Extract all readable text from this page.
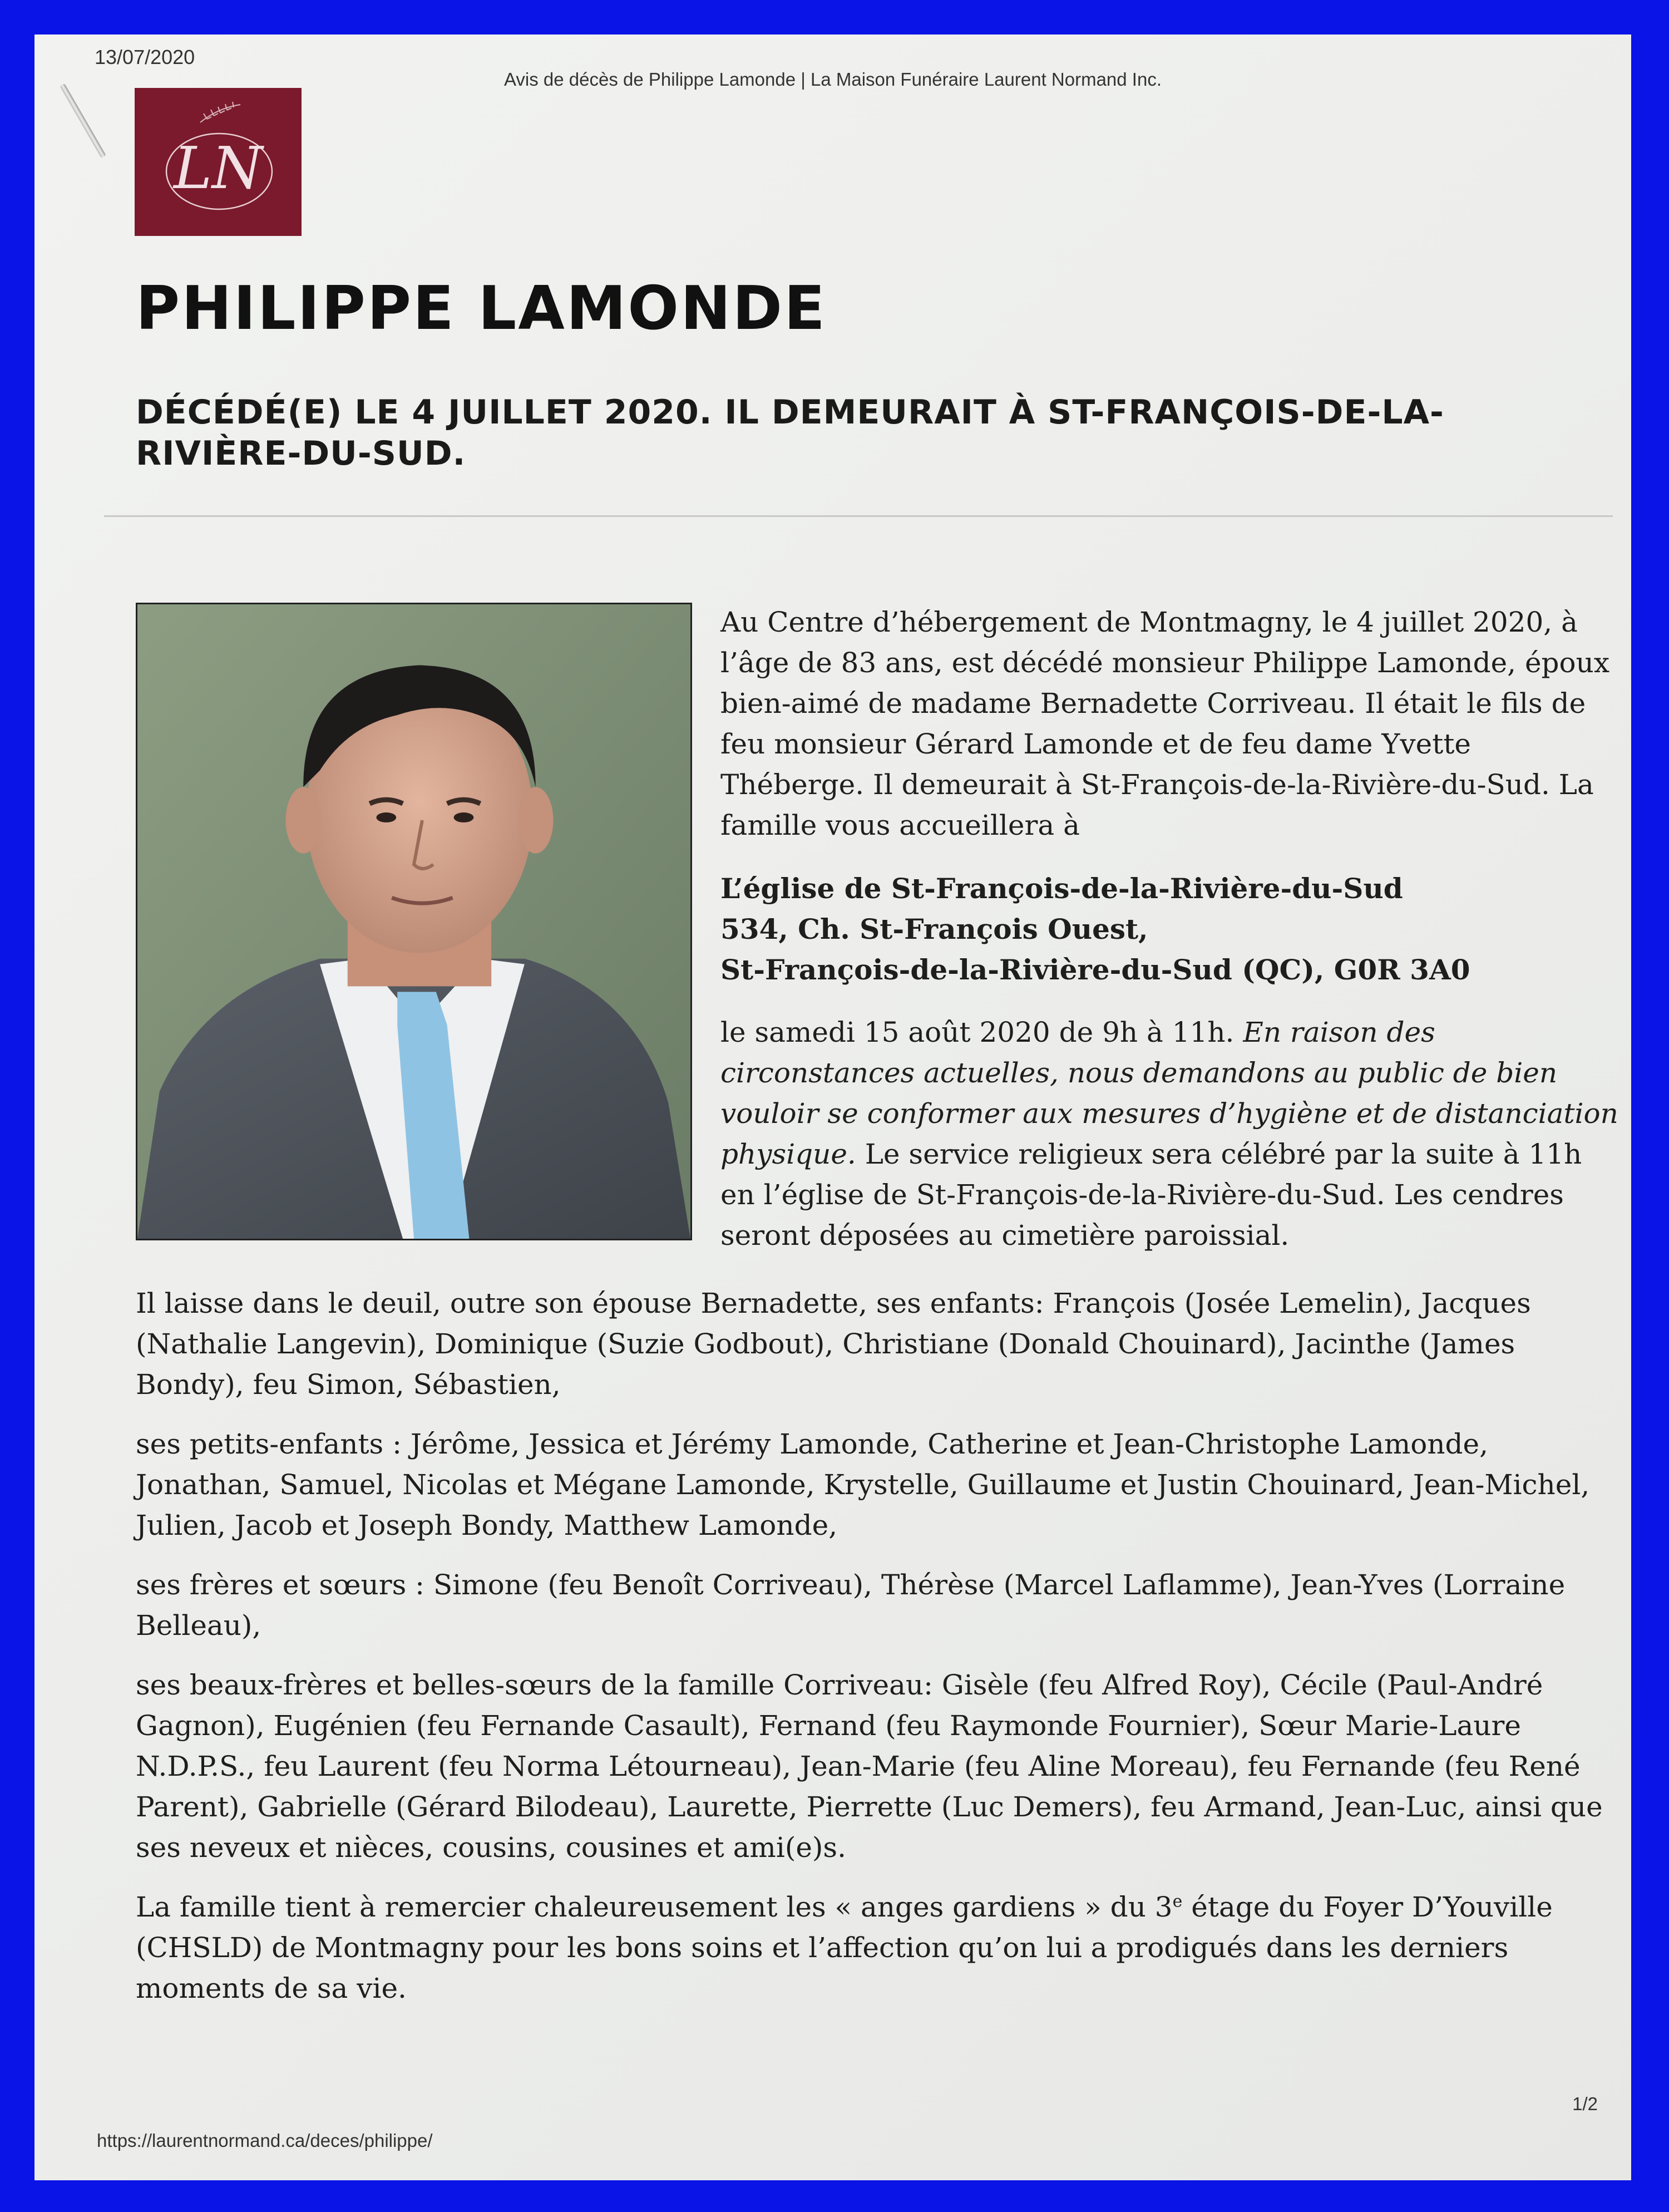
13/07/2020
Avis de décès de Philippe Lamonde | La Maison Funéraire Laurent Normand Inc.
LN
PHILIPPE LAMONDE
DÉCÉDÉ(E) LE 4 JUILLET 2020. IL DEMEURAIT À ST-FRANÇOIS-DE-LA-RIVIÈRE-DU-SUD.

Au Centre d’hébergement de Montmagny, le 4 juillet 2020, à l’âge de 83 ans, est décédé monsieur Philippe Lamonde, époux bien-aimé de madame Bernadette Corriveau. Il était le fils de feu monsieur Gérard Lamonde et de feu dame Yvette Théberge. Il demeurait à St-François-de-la-Rivière-du-Sud. La famille vous accueillera à

L’église de St-François-de-la-Rivière-du-Sud
534, Ch. St-François Ouest,
St-François-de-la-Rivière-du-Sud (QC), G0R 3A0

le samedi 15 août 2020 de 9h à 11h. En raison des circonstances actuelles, nous demandons au public de bien vouloir se conformer aux mesures d’hygiène et de distanciation physique. Le service religieux sera célébré par la suite à 11h en l’église de St-François-de-la-Rivière-du-Sud. Les cendres seront déposées au cimetière paroissial.

Il laisse dans le deuil, outre son épouse Bernadette, ses enfants: François (Josée Lemelin), Jacques (Nathalie Langevin), Dominique (Suzie Godbout), Christiane (Donald Chouinard), Jacinthe (James Bondy), feu Simon, Sébastien,

ses petits-enfants : Jérôme, Jessica et Jérémy Lamonde, Catherine et Jean-Christophe Lamonde, Jonathan, Samuel, Nicolas et Mégane Lamonde, Krystelle, Guillaume et Justin Chouinard, Jean-Michel, Julien, Jacob et Joseph Bondy, Matthew Lamonde,

ses frères et sœurs : Simone (feu Benoît Corriveau), Thérèse (Marcel Laflamme), Jean-Yves (Lorraine Belleau),

ses beaux-frères et belles-sœurs de la famille Corriveau: Gisèle (feu Alfred Roy), Cécile (Paul-André Gagnon), Eugénien (feu Fernande Casault), Fernand (feu Raymonde Fournier), Sœur Marie-Laure N.D.P.S., feu Laurent (feu Norma Létourneau), Jean-Marie (feu Aline Moreau), feu Fernande (feu René Parent), Gabrielle (Gérard Bilodeau), Laurette, Pierrette (Luc Demers), feu Armand, Jean-Luc, ainsi que ses neveux et nièces, cousins, cousines et ami(e)s.

La famille tient à remercier chaleureusement les « anges gardiens » du 3e étage du Foyer D’Youville (CHSLD) de Montmagny pour les bons soins et l’affection qu’on lui a prodigués dans les derniers moments de sa vie.

1/2
https://laurentnormand.ca/deces/philippe/
